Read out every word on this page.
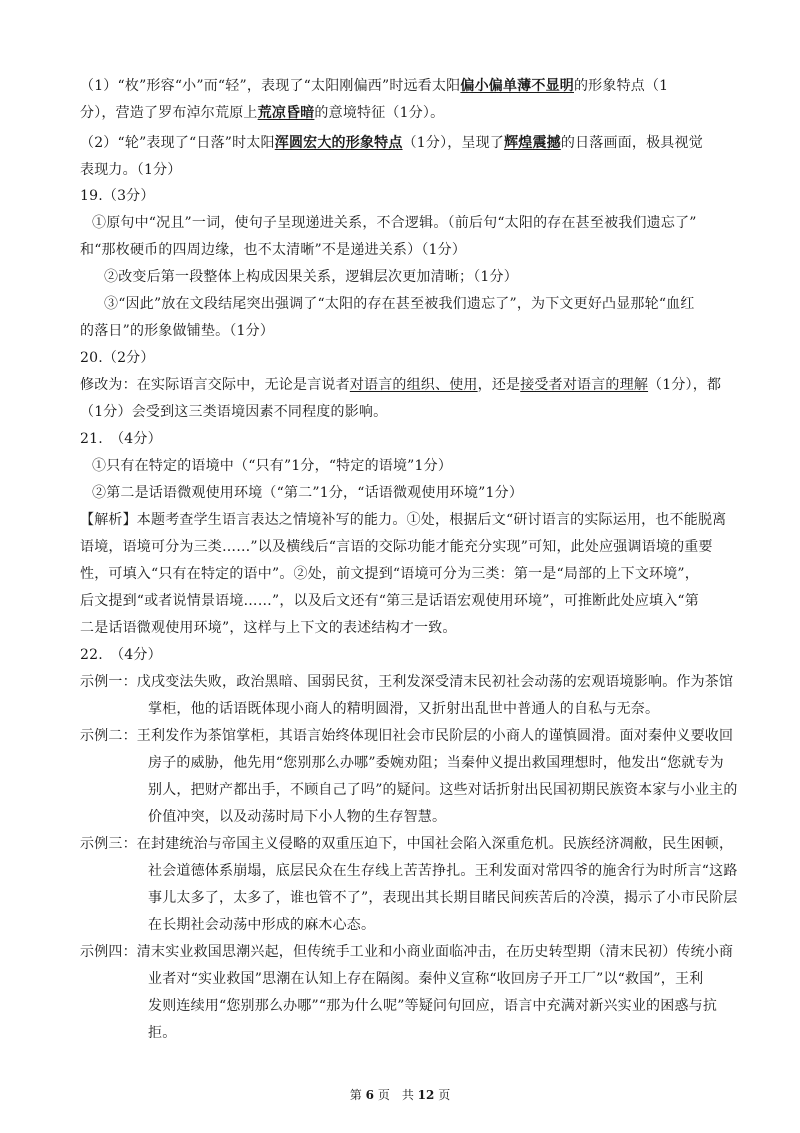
（1）“枚”形容“小”而“轻”，表现了“太阳刚偏西”时远看太阳偏小偏单薄不显明的形象特点（1
分），营造了罗布淖尔荒原上荒凉昏暗的意境特征（1分）。
（2）“轮”表现了“日落”时太阳浑圆宏大的形象特点（1分），呈现了辉煌震撼的日落画面，极具视觉
表现力。（1分）
19.（3分）
①原句中“况且”一词，使句子呈现递进关系，不合逻辑。（前后句“太阳的存在甚至被我们遗忘了”
和“那枚硬币的四周边缘，也不太清晰”不是递进关系）（1分）
②改变后第一段整体上构成因果关系，逻辑层次更加清晰；（1分）
③“因此”放在文段结尾突出强调了“太阳的存在甚至被我们遗忘了”，为下文更好凸显那轮“血红
的落日”的形象做铺垫。（1分）
20.（2分）
修改为：在实际语言交际中，无论是言说者对语言的组织、使用，还是接受者对语言的理解（1分），都
（1分）会受到这三类语境因素不同程度的影响。
21.　（4分）
①只有在特定的语境中（“只有”1分，“特定的语境”1分）
②第二是话语微观使用环境（“第二”1分，“话语微观使用环境”1分）
【解析】本题考查学生语言表达之情境补写的能力。①处，根据后文“研讨语言的实际运用，也不能脱离
语境，语境可分为三类……”以及横线后“言语的交际功能才能充分实现”可知，此处应强调语境的重要
性，可填入“只有在特定的语中”。②处，前文提到“语境可分为三类：第一是“局部的上下文环境”，
后文提到“或者说情景语境……”，以及后文还有“第三是话语宏观使用环境”，可推断此处应填入“第
二是话语微观使用环境”，这样与上下文的表述结构才一致。
22.　（4分）
示例一：戊戌变法失败，政治黑暗、国弱民贫，王利发深受清末民初社会动荡的宏观语境影响。作为茶馆
掌柜，他的话语既体现小商人的精明圆滑，又折射出乱世中普通人的自私与无奈。
示例二：王利发作为茶馆掌柜，其语言始终体现旧社会市民阶层的小商人的谨慎圆滑。面对秦仲义要收回
房子的威胁，他先用“您别那么办哪”委婉劝阻；当秦仲义提出救国理想时，他发出“您就专为
别人，把财产都出手，不顾自己了吗”的疑问。这些对话折射出民国初期民族资本家与小业主的
价值冲突，以及动荡时局下小人物的生存智慧。
示例三：在封建统治与帝国主义侵略的双重压迫下，中国社会陷入深重危机。民族经济凋敝，民生困顿，
社会道德体系崩塌，底层民众在生存线上苦苦挣扎。王利发面对常四爷的施舍行为时所言“这路
事儿太多了，太多了，谁也管不了”，表现出其长期目睹民间疾苦后的冷漠，揭示了小市民阶层
在长期社会动荡中形成的麻木心态。
示例四：清末实业救国思潮兴起，但传统手工业和小商业面临冲击，在历史转型期（清末民初）传统小商
业者对“实业救国”思潮在认知上存在隔阂。秦仲义宣称“收回房子开工厂”以“救国”，王利
发则连续用“您别那么办哪”“那为什么呢”等疑问句回应，语言中充满对新兴实业的困惑与抗
拒。
第 6 页　共 12 页
